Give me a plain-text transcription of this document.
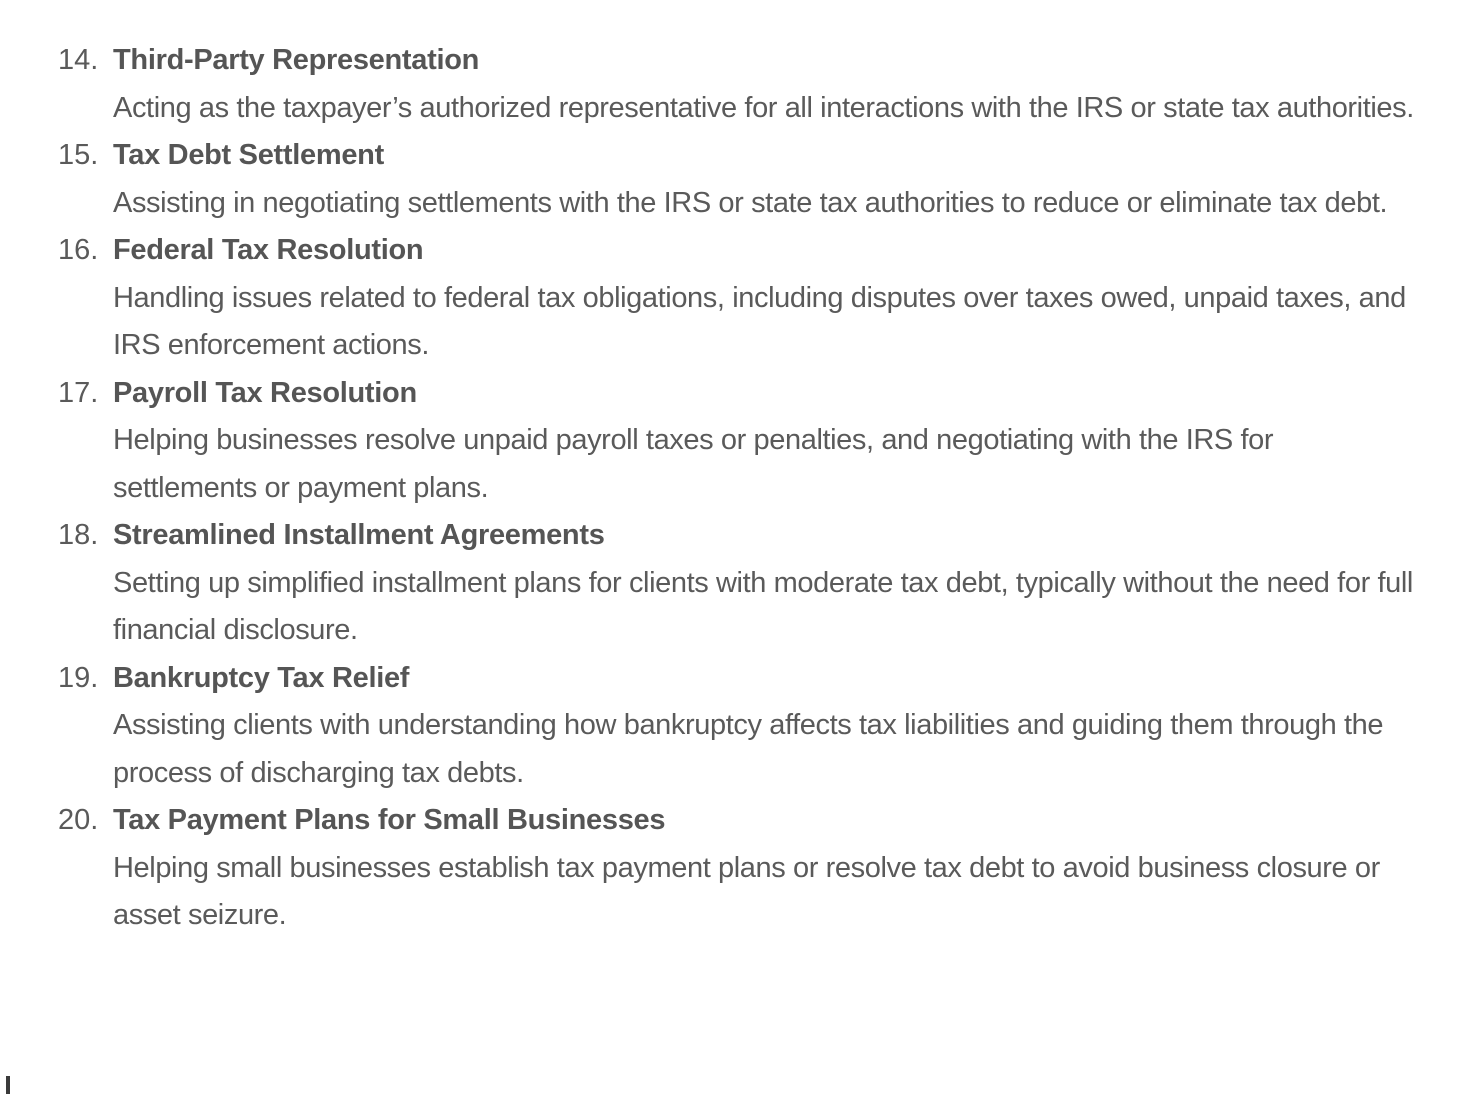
14. Third-Party Representation
Acting as the taxpayer’s authorized representative for all interactions with the IRS or state tax authorities.
15. Tax Debt Settlement
Assisting in negotiating settlements with the IRS or state tax authorities to reduce or eliminate tax debt.
16. Federal Tax Resolution
Handling issues related to federal tax obligations, including disputes over taxes owed, unpaid taxes, and IRS enforcement actions.
17. Payroll Tax Resolution
Helping businesses resolve unpaid payroll taxes or penalties, and negotiating with the IRS for settlements or payment plans.
18. Streamlined Installment Agreements
Setting up simplified installment plans for clients with moderate tax debt, typically without the need for full financial disclosure.
19. Bankruptcy Tax Relief
Assisting clients with understanding how bankruptcy affects tax liabilities and guiding them through the process of discharging tax debts.
20. Tax Payment Plans for Small Businesses
Helping small businesses establish tax payment plans or resolve tax debt to avoid business closure or asset seizure.
